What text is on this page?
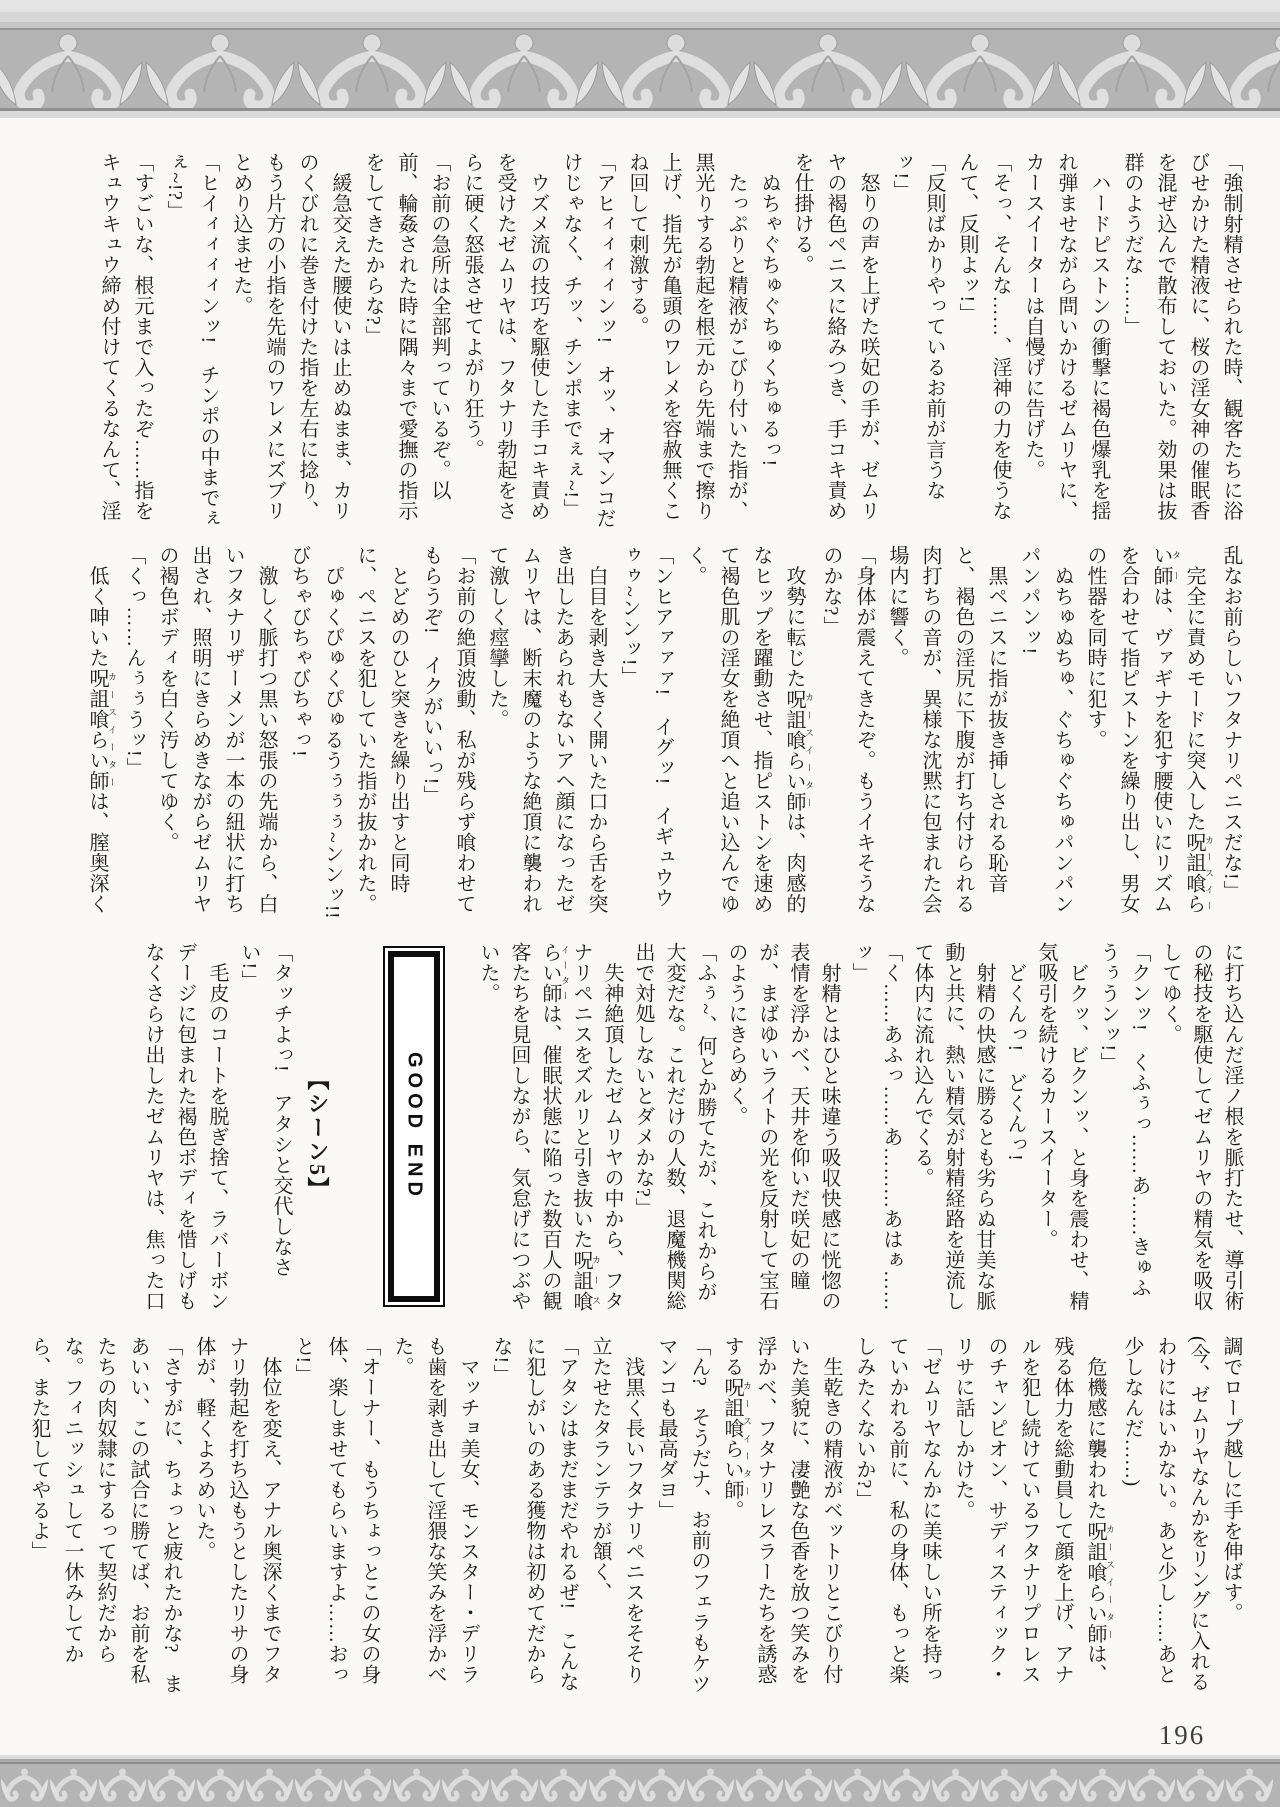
「強制射精させられた時、観客たちに浴びせかけた精液に、桜の淫女神の催眠香を混ぜ込んで散布しておいた。効果は抜群のようだな……」

　ハードピストンの衝撃に褐色爆乳を揺れ弾ませながら問いかけるゼムリヤに、カースイーターは自慢げに告げた。

「そっ、そんな……、淫神の力を使うなんて、反則よッ!」

「反則ばかりやっているお前が言うなッ!」

　怒りの声を上げた咲妃の手が、ゼムリヤの褐色ペニスに絡みつき、手コキ責めを仕掛ける。

　ぬちゃぐちゅぐちゅくちゅるっ!

　たっぷりと精液がこびり付いた指が、黒光りする勃起を根元から先端まで擦り上げ、指先が亀頭のワレメを容赦無くこね回して刺激する。

「アヒィィィィンッ!　オッ、オマンコだけじゃなく、チッ、チンポまでぇぇ~!」

　ウズメ流の技巧を駆使した手コキ責めを受けたゼムリヤは、フタナリ勃起をさらに硬く怒張させてよがり狂う。

「お前の急所は全部判っているぞ。以前、輪姦された時に隅々まで愛撫の指示をしてきたからな?」

　緩急交えた腰使いは止めぬまま、カリのくびれに巻き付けた指を左右に捻り、もう片方の小指を先端のワレメにズブリとめり込ませた。

「ヒイィィィィンッ!　チンポの中までぇぇ~!?」

「すごいな、根元まで入ったぞ……指をキュウキュウ締め付けてくるなんて、淫

乱なお前らしいフタナリペニスだな!」

　完全に責めモードに突入した呪詛喰らい師カースイーターは、ヴァギナを犯す腰使いにリズムを合わせて指ピストンを繰り出し、男女の性器を同時に犯す。

　ぬちゅぬちゅ、ぐちゅぐちゅパンパンパンパンッ!

　黒ペニスに指が抜き挿しされる恥音と、褐色の淫尻に下腹が打ち付けられる肉打ちの音が、異様な沈黙に包まれた会場内に響く。

「身体が震えてきたぞ。もうイキそうなのかな?」

　攻勢に転じた呪詛喰らい師 カースイーターは、肉感的なヒップを躍動させ、指ピストンを速めて褐色肌の淫女を絶頂へと追い込んでゆく。

「ンヒアァァァ!　イグッ!　イギュウウゥゥ~ンンッ!」

　白目を剥き大きく開いた口から舌を突き出したあられもないアヘ顔になったゼムリヤは、断末魔のような絶頂に襲われて激しく痙攣した。

「お前の絶頂波動、私が残らず喰わせてもらうぞ!　イクがいいっ!」

　とどめのひと突きを繰り出すと同時に、ペニスを犯していた指が抜かれた。

　ぴゅくぴゅくぴゅるうぅぅぅ~ンンッ!!　びちゃびちゃびちゃっ!

　激しく脈打つ黒い怒張の先端から、白いフタナリザーメンが一本の紐状に打ち出され、照明にきらめきながらゼムリヤの褐色ボディを白く汚してゆく。

「くっ……んぅぅうッ!」

　低く呻いた呪詛喰らい師 カースイーターは、膣奥深く

に打ち込んだ淫ノ根を脈打たせ、導引術の秘技を駆使してゼムリヤの精気を吸収してゆく。

「クンッ!　くふぅっ……あ……きゅふうぅうンッ!」

　ビクッ、ビクンッ、と身を震わせ、精気吸引を続けるカースイーター。

　どくんっ!　どくんっ!

　射精の快感に勝るとも劣らぬ甘美な脈動と共に、熱い精気が射精経路を逆流して体内に流れ込んでくる。

「く……あふっ……あ………あはぁ……ッ」

　射精とはひと味違う吸収快感に恍惚の表情を浮かべ、天井を仰いだ咲妃の瞳が、まばゆいライトの光を反射して宝石のようにきらめく。

「ふぅ~、何とか勝てたが、これからが大変だな。これだけの人数、退魔機関総出で対処しないとダメかな?」

　失神絶頂したゼムリヤの中から、フタナリペニスをズルリと引き抜いた呪詛喰らい師カースイーターは、催眠状態に陥った数百人の観客たちを見回しながら、気怠げにつぶやいた。

GOOD END
【シーン5】

「タッチよっ!　アタシと交代しなさい!」

　毛皮のコートを脱ぎ捨て、ラバーボンデージに包まれた褐色ボディを惜しげもなくさらけ出したゼムリヤは、焦った口

調でロープ越しに手を伸ばす。

(今、ゼムリヤなんかをリングに入れるわけにはいかない。あと少し……あと少しなんだ……)

　危機感に襲われた呪詛喰らい師 カースイーターは、残る体力を総動員して顔を上げ、アナルを犯し続けているフタナリプロレスのチャンピオン、サディスティック・リサに話しかけた。

「ゼムリヤなんかに美味しい所を持っていかれる前に、私の身体、もっと楽しみたくないか?」

　生乾きの精液がベットリとこびり付いた美貌に、凄艶な色香を放つ笑みを浮かべ、フタナリレスラーたちを誘惑する呪詛喰らい師 カースイーター。

「ん?　そうだナ、お前のフェラもケツマンコも最高ダヨ」

　浅黒く長いフタナリペニスをそそり立たせたタランテラが頷く、

「アタシはまだまだやれるぜ!　こんなに犯しがいのある獲物は初めてだからな!」

　マッチョ美女、モンスター・デリラも歯を剥き出して淫猥な笑みを浮かべた。

「オーナー、もうちょっとこの女の身体、楽しませてもらいますよ……おっと!」

　体位を変え、アナル奥深くまでフタナリ勃起を打ち込もうとしたリサの身体が、軽くよろめいた。

「さすがに、ちょっと疲れたかな?　まあいい、この試合に勝てば、お前を私たちの肉奴隷にするって契約だからな。フィニッシュして一休みしてから、また犯してやるよ」

196
